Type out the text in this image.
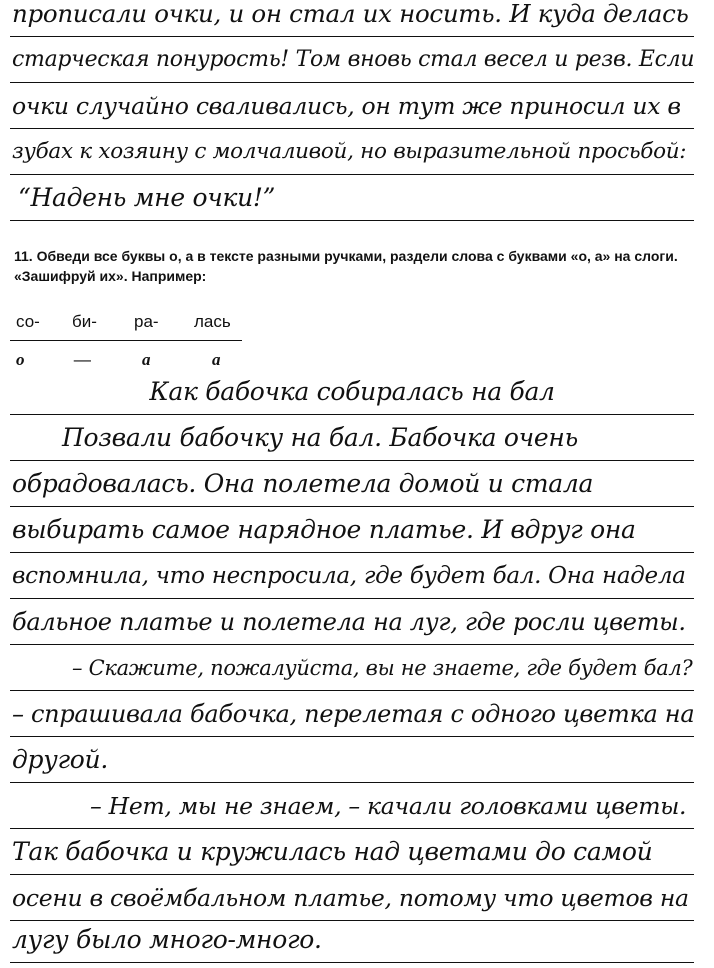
прописали очки, и он стал их носить. И куда делась
старческая понурость! Том вновь стал весел и резв. Если
очки случайно сваливались, он тут же приносил их в
зубах к хозяину с молчаливой, но выразительной просьбой:
“Надень мне очки!”
11. Обведи все буквы о, а в тексте разными ручками, раздели слова с буквами «о, а» на слоги. «Зашифруй их». Например:
со- би- ра- лась
о	—	а	а
Как бабочка собиралась на бал
Позвали бабочку на бал. Бабочка очень
обрадовалась. Она полетела домой и стала
выбирать самое нарядное платье. И вдруг она
вспомнила, что неспросила, где будет бал. Она надела
бальное платье и полетела на луг, где росли цветы.
– Скажите, пожалуйста, вы не знаете, где будет бал?
– спрашивала бабочка, перелетая с одного цветка на
другой.
– Нет, мы не знаем, – качали головками цветы.
Так бабочка и кружилась над цветами до самой
осени в своёмбальном платье, потому что цветов на
лугу было много-много.
